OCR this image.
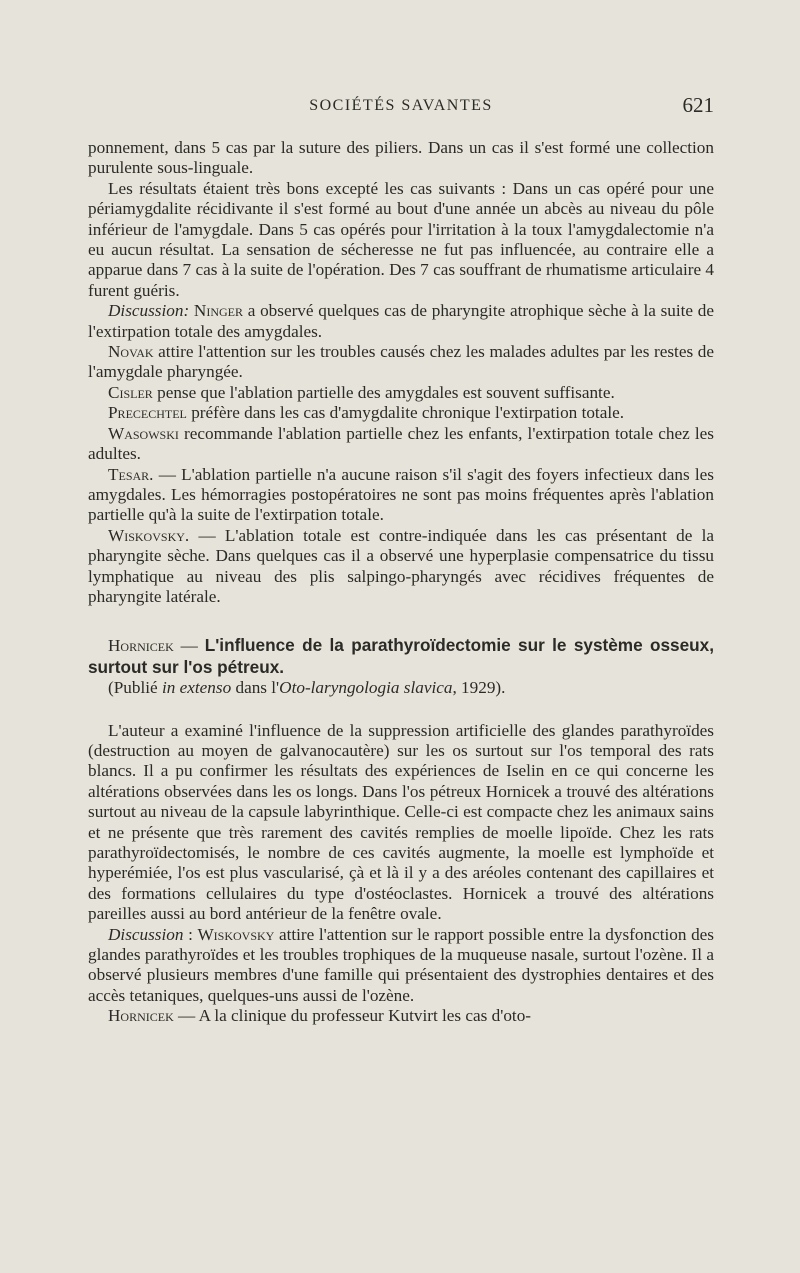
SOCIÉTÉS SAVANTES	621

ponnement, dans 5 cas par la suture des piliers. Dans un cas il s'est formé une collection purulente sous-linguale.

Les résultats étaient très bons excepté les cas suivants : Dans un cas opéré pour une périamygdalite récidivante il s'est formé au bout d'une année un abcès au niveau du pôle inférieur de l'amygdale. Dans 5 cas opérés pour l'irritation à la toux l'amygdalectomie n'a eu aucun résultat. La sensation de sécheresse ne fut pas influencée, au contraire elle a apparue dans 7 cas à la suite de l'opération. Des 7 cas souffrant de rhumatisme articulaire 4 furent guéris.

Discussion: Ninger a observé quelques cas de pharyngite atrophique sèche à la suite de l'extirpation totale des amygdales.

Novak attire l'attention sur les troubles causés chez les malades adultes par les restes de l'amygdale pharyngée.

Cisler pense que l'ablation partielle des amygdales est souvent suffisante.

Precechtel préfère dans les cas d'amygdalite chronique l'extirpation totale.

Wasowski recommande l'ablation partielle chez les enfants, l'extirpation totale chez les adultes.

Tesar. — L'ablation partielle n'a aucune raison s'il s'agit des foyers infectieux dans les amygdales. Les hémorragies postopératoires ne sont pas moins fréquentes après l'ablation partielle qu'à la suite de l'extirpation totale.

Wiskovsky. — L'ablation totale est contre-indiquée dans les cas présentant de la pharyngite sèche. Dans quelques cas il a observé une hyperplasie compensatrice du tissu lymphatique au niveau des plis salpingo-pharyngés avec récidives fréquentes de pharyngite latérale.

Hornicek — L'influence de la parathyroïdectomie sur le système osseux, surtout sur l'os pétreux.

(Publié in extenso dans l'Oto-laryngologia slavica, 1929).

L'auteur a examiné l'influence de la suppression artificielle des glandes parathyroïdes (destruction au moyen de galvanocautère) sur les os surtout sur l'os temporal des rats blancs. Il a pu confirmer les résultats des expériences de Iselin en ce qui concerne les altérations observées dans les os longs. Dans l'os pétreux Hornicek a trouvé des altérations surtout au niveau de la capsule labyrinthique. Celle-ci est compacte chez les animaux sains et ne présente que très rarement des cavités remplies de moelle lipoïde. Chez les rats parathyroïdectomisés, le nombre de ces cavités augmente, la moelle est lymphoïde et hyperémiée, l'os est plus vascularisé, çà et là il y a des aréoles contenant des capillaires et des formations cellulaires du type d'ostéoclastes. Hornicek a trouvé des altérations pareilles aussi au bord antérieur de la fenêtre ovale.

Discussion : Wiskovsky attire l'attention sur le rapport possible entre la dysfonction des glandes parathyroïdes et les troubles trophiques de la muqueuse nasale, surtout l'ozène. Il a observé plusieurs membres d'une famille qui présentaient des dystrophies dentaires et des accès tetaniques, quelques-uns aussi de l'ozène.

Hornicek — A la clinique du professeur Kutvirt les cas d'oto-
